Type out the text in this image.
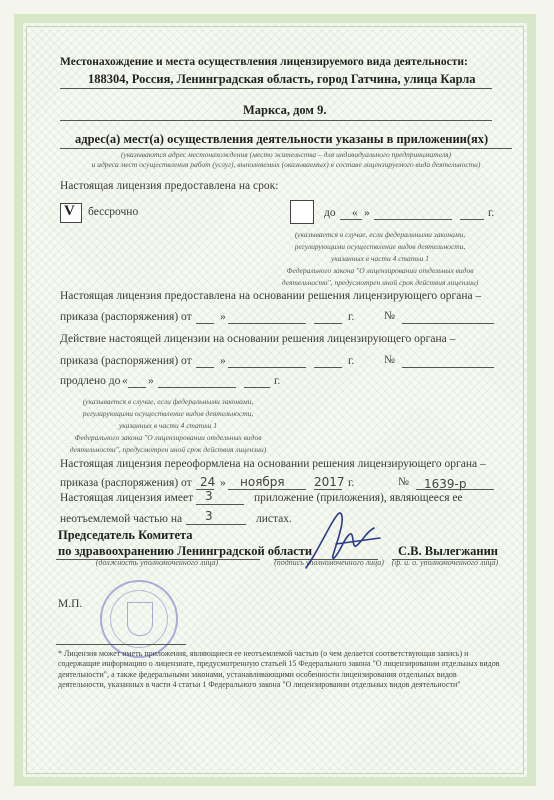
Местонахождение и места осуществления лицензируемого вида деятельности:
188304, Россия, Ленинградская область, город Гатчина, улица Карла
Маркса, дом 9.
адрес(а) мест(а) осуществления деятельности указаны в приложении(ях)
(указываются адрес местонахождения (место жительства – для индивидуального предпринимателя)
и адреса мест осуществления работ (услуг), выполняемых (оказываемых) в составе лицензируемого вида деятельности)
Настоящая лицензия предоставлена на срок:
V бессрочно	до « »	г.
(указывается в случае, если федеральными законами,
регулирующими осуществление видов деятельности,
указанных в части 4 статьи 1
Федерального закона "О лицензировании отдельных видов
деятельности", предусмотрен иной срок действия лицензии)
Настоящая лицензия предоставлена на основании решения лицензирующего органа –
приказа (распоряжения) от »	г.	№
Действие настоящей лицензии на основании решения лицензирующего органа –
приказа (распоряжения) от »	г.	№
продлено до « »	г.
(указывается в случае, если федеральными законами,
регулирующими осуществление видов деятельности,
указанных в части 4 статьи 1
Федерального закона "О лицензировании отдельных видов
деятельности", предусмотрен иной срок действия лицензии)
Настоящая лицензия переоформлена на основании решения лицензирующего органа –
приказа (распоряжения) от 24 » ноября 2017 г.	№ 1639-р
Настоящая лицензия имеет 3	приложение (приложения), являющееся ее
неотъемлемой частью на 3	листах.
Председатель Комитета
по здравоохранению Ленинградской области	С.В. Вылегжанин
(должность уполномоченного лица)	(подпись уполномоченного лица) (ф. и. о. уполномоченного лица)
М.П.
* Лицензия может иметь приложения, являющиеся ее неотъемлемой частью (о чем делается соответствующая запись) и содержащие информацию о лицензиате, предусмотренную статьей 15 Федерального закона "О лицензировании отдельных видов деятельности", а также федеральными законами, устанавливающими особенности лицензирования отдельных видов деятельности, указанных в части 4 статьи 1 Федерального закона "О лицензировании отдельных видов деятельности"
